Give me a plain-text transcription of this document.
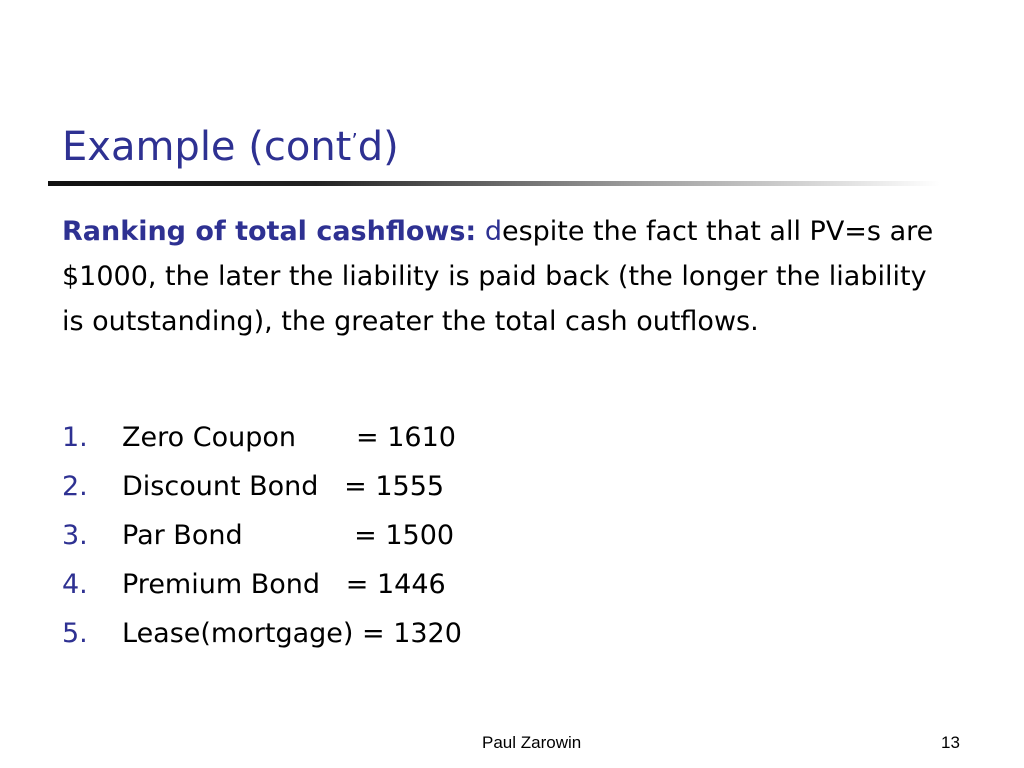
Example (cont’d)
Ranking of total cashflows: despite the fact that all PV=s are $1000, the later the liability is paid back (the longer the liability is outstanding), the greater the total cash outflows.
1. Zero Coupon       = 1610
2. Discount Bond   = 1555
3. Par Bond             = 1500
4. Premium Bond   = 1446
5. Lease(mortgage) = 1320
Paul Zarowin	13
